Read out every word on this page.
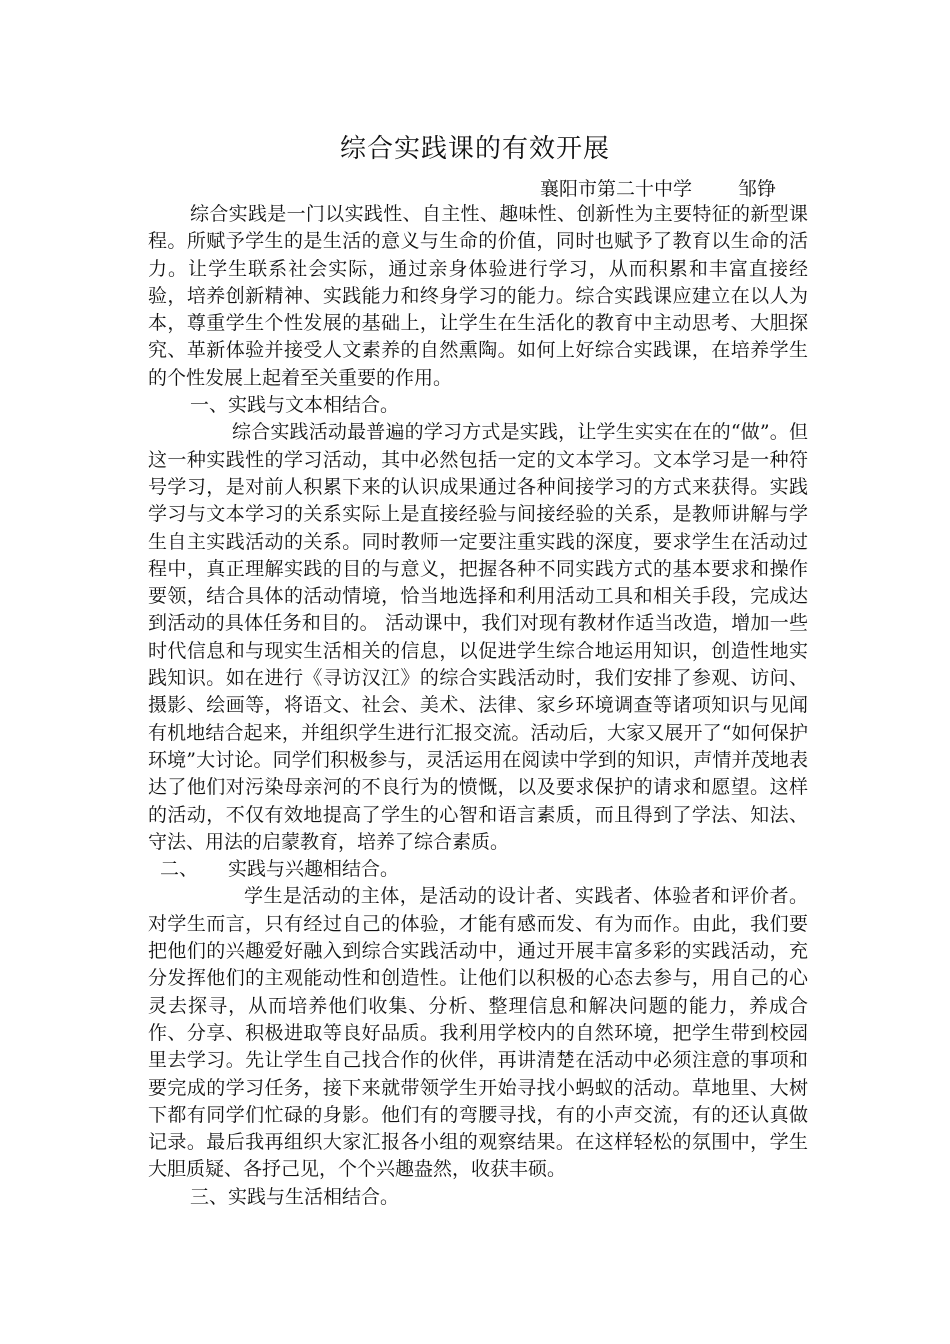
综合实践课的有效开展
襄阳市第二十中学 邹铮

综合实践是一门以实践性、自主性、趣味性、创新性为主要特征的新型课程。所赋予学生的是生活的意义与生命的价值，同时也赋予了教育以生命的活力。让学生联系社会实际，通过亲身体验进行学习，从而积累和丰富直接经验，培养创新精神、实践能力和终身学习的能力。综合实践课应建立在以人为本，尊重学生个性发展的基础上，让学生在生活化的教育中主动思考、大胆探究、革新体验并接受人文素养的自然熏陶。如何上好综合实践课，在培养学生的个性发展上起着至关重要的作用。

一、实践与文本相结合。

综合实践活动最普遍的学习方式是实践，让学生实实在在的“做”。但这一种实践性的学习活动，其中必然包括一定的文本学习。文本学习是一种符号学习，是对前人积累下来的认识成果通过各种间接学习的方式来获得。实践学习与文本学习的关系实际上是直接经验与间接经验的关系，是教师讲解与学生自主实践活动的关系。同时教师一定要注重实践的深度，要求学生在活动过程中，真正理解实践的目的与意义，把握各种不同实践方式的基本要求和操作要领，结合具体的活动情境，恰当地选择和利用活动工具和相关手段，完成达到活动的具体任务和目的。 活动课中，我们对现有教材作适当改造，增加一些时代信息和与现实生活相关的信息，以促进学生综合地运用知识，创造性地实践知识。如在进行《寻访汉江》的综合实践活动时，我们安排了参观、访问、摄影、绘画等，将语文、社会、美术、法律、家乡环境调查等诸项知识与见闻有机地结合起来，并组织学生进行汇报交流。活动后，大家又展开了“如何保护环境”大讨论。同学们积极参与，灵活运用在阅读中学到的知识，声情并茂地表达了他们对污染母亲河的不良行为的愤慨，以及要求保护的请求和愿望。这样的活动，不仅有效地提高了学生的心智和语言素质，而且得到了学法、知法、守法、用法的启蒙教育，培养了综合素质。

二、 实践与兴趣相结合。

学生是活动的主体，是活动的设计者、实践者、体验者和评价者。对学生而言，只有经过自己的体验，才能有感而发、有为而作。由此，我们要把他们的兴趣爱好融入到综合实践活动中，通过开展丰富多彩的实践活动，充分发挥他们的主观能动性和创造性。让他们以积极的心态去参与，用自己的心灵去探寻，从而培养他们收集、分析、整理信息和解决问题的能力，养成合作、分享、积极进取等良好品质。我利用学校内的自然环境，把学生带到校园里去学习。先让学生自己找合作的伙伴，再讲清楚在活动中必须注意的事项和要完成的学习任务，接下来就带领学生开始寻找小蚂蚁的活动。草地里、大树下都有同学们忙碌的身影。他们有的弯腰寻找，有的小声交流，有的还认真做记录。最后我再组织大家汇报各小组的观察结果。在这样轻松的氛围中，学生大胆质疑、各抒己见，个个兴趣盎然，收获丰硕。

三、实践与生活相结合。
